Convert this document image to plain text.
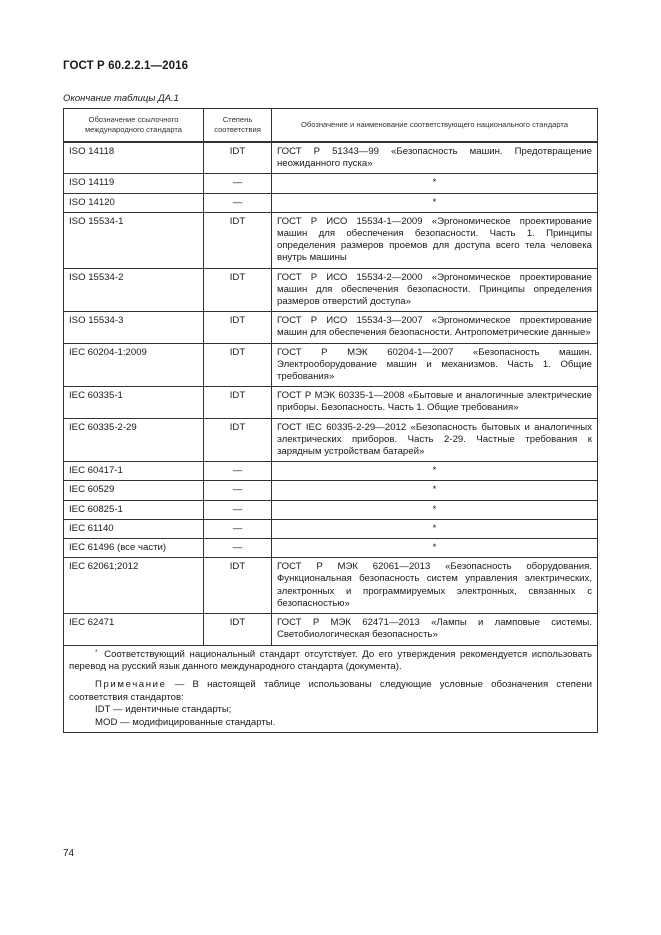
ГОСТ Р 60.2.2.1—2016
Окончание таблицы ДА.1
Обозначение ссылочного международного стандарта	Степень соответствия	Обозначение и наименование соответствующего национального стандарта
ISO 14118	IDT	ГОСТ Р 51343—99 «Безопасность машин. Предотвращение неожиданного пуска»
ISO 14119	—	*
ISO 14120	—	*
ISO 15534-1	IDT	ГОСТ Р ИСО 15534-1—2009 «Эргономическое проектирование машин для обеспечения безопасности. Часть 1. Принципы определения размеров проемов для доступа всего тела человека внутрь машины
ISO 15534-2	IDT	ГОСТ Р ИСО 15534-2—2000 «Эргономическое проектирование машин для обеспечения безопасности. Принципы определения размеров отверстий доступа»
ISO 15534-3	IDT	ГОСТ Р ИСО 15534-3—2007 «Эргономическое проектирование машин для обеспечения безопасности. Антропометрические данные»
IEC 60204-1:2009	IDT	ГОСТ Р МЭК 60204-1—2007 «Безопасность машин. Электрооборудование машин и механизмов. Часть 1. Общие требования»
IEC 60335-1	IDT	ГОСТ Р МЭК 60335-1—2008 «Бытовые и аналогичные электрические приборы. Безопасность. Часть 1. Общие требования»
IEC 60335-2-29	IDT	ГОСТ IEC 60335-2-29—2012 «Безопасность бытовых и аналогичных электрических приборов. Часть 2-29. Частные требования к зарядным устройствам батарей»
IEC 60417-1	—	*
IEC 60529	—	*
IEC 60825-1	—	*
IEC 61140	—	*
IEC 61496 (все части)	—	*
IEC 62061;2012	IDT	ГОСТ Р МЭК 62061—2013 «Безопасность оборудования. Функциональная безопасность систем управления электрических, электронных и программируемых электронных, связанных с безопасностью»
IEC 62471	IDT	ГОСТ Р МЭК 62471—2013 «Лампы и ламповые системы. Светобиологическая безопасность»

* Соответствующий национальный стандарт отсутствует. До его утверждения рекомендуется использовать перевод на русский язык данного международного стандарта (документа).

Примечание — В настоящей таблице использованы следующие условные обозначения степени соответствия стандартов:

IDT — идентичные стандарты;

MOD — модифицированные стандарты.		

74
